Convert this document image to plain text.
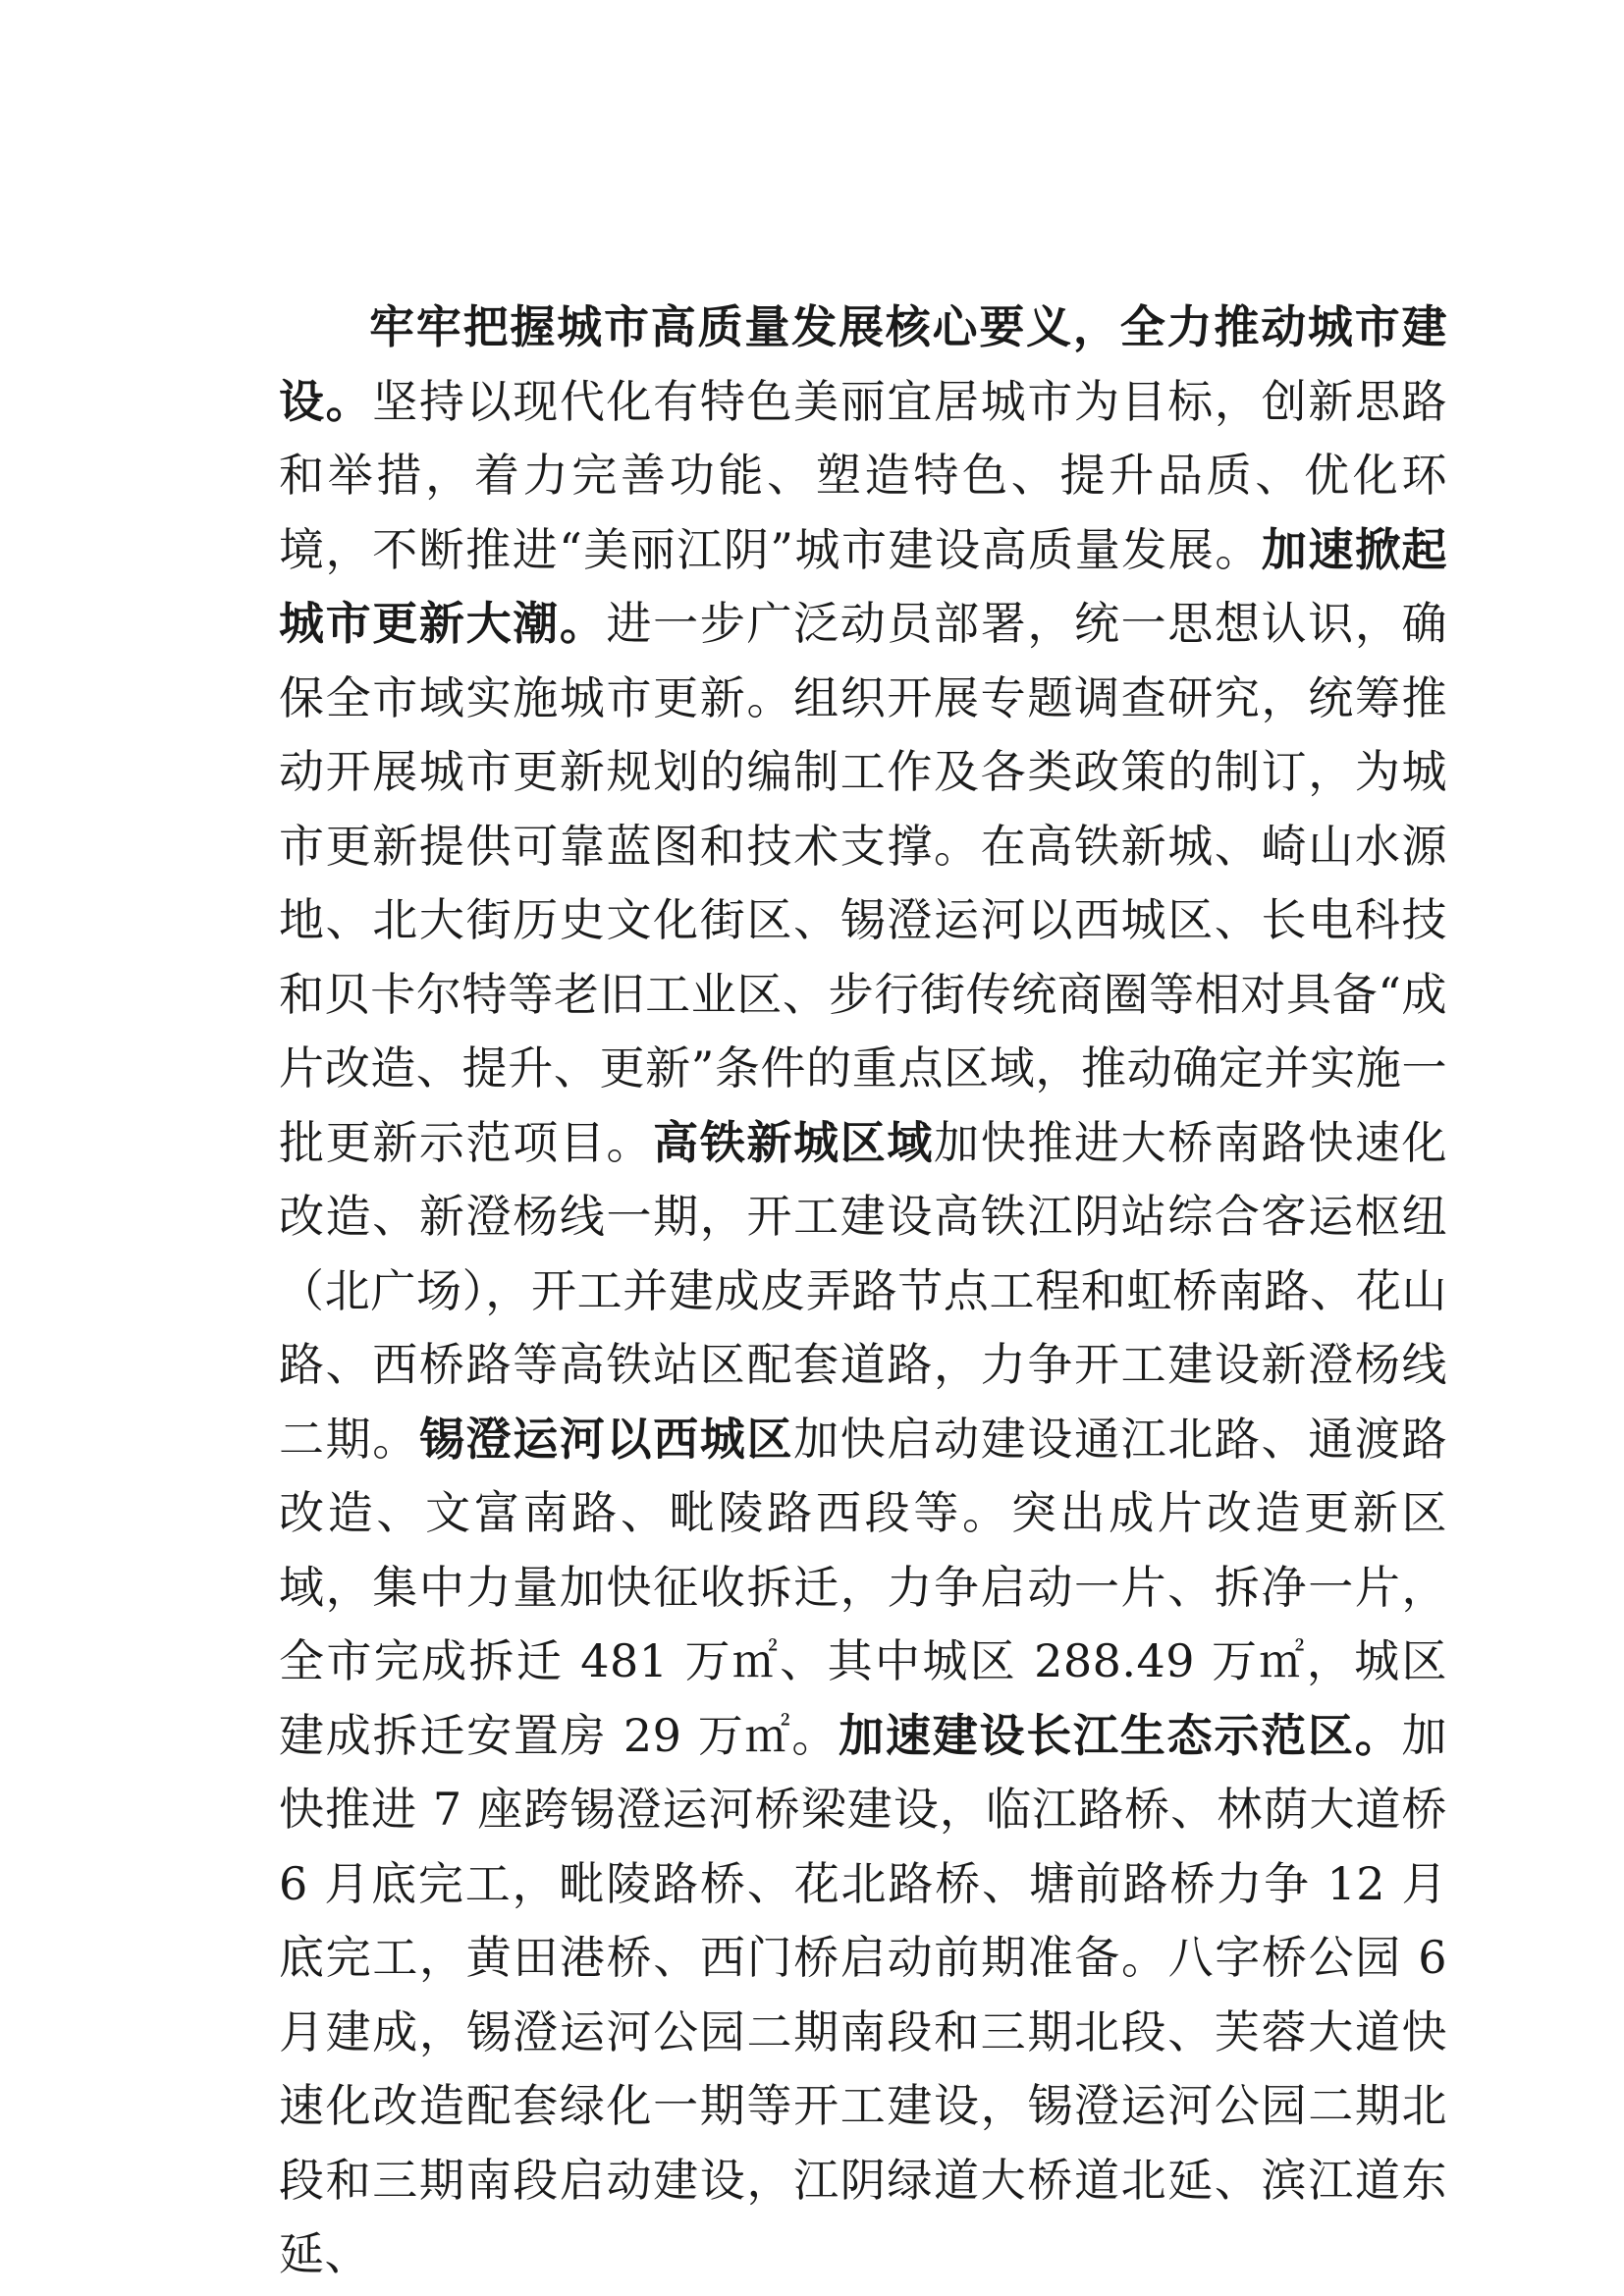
牢牢把握城市高质量发展核心要义，全力推动城市建设。坚持以现代化有特色美丽宜居城市为目标，创新思路和举措，着力完善功能、塑造特色、提升品质、优化环境，不断推进“美丽江阴”城市建设高质量发展。加速掀起城市更新大潮。进一步广泛动员部署，统一思想认识，确保全市域实施城市更新。组织开展专题调查研究，统筹推动开展城市更新规划的编制工作及各类政策的制订，为城市更新提供可靠蓝图和技术支撑。在高铁新城、崎山水源地、北大街历史文化街区、锡澄运河以西城区、长电科技和贝卡尔特等老旧工业区、步行街传统商圈等相对具备“成片改造、提升、更新”条件的重点区域，推动确定并实施一批更新示范项目。高铁新城区域加快推进大桥南路快速化改造、新澄杨线一期，开工建设高铁江阴站综合客运枢纽（北广场），开工并建成皮弄路节点工程和虹桥南路、花山路、西桥路等高铁站区配套道路，力争开工建设新澄杨线二期。锡澄运河以西城区加快启动建设通江北路、通渡路改造、文富南路、毗陵路西段等。突出成片改造更新区域，集中力量加快征收拆迁，力争启动一片、拆净一片，全市完成拆迁 481 万㎡、其中城区 288.49 万㎡，城区建成拆迁安置房 29 万㎡。加速建设长江生态示范区。加快推进 7 座跨锡澄运河桥梁建设，临江路桥、林荫大道桥 6 月底完工，毗陵路桥、花北路桥、塘前路桥力争 12 月底完工，黄田港桥、西门桥启动前期准备。八字桥公园 6 月建成，锡澄运河公园二期南段和三期北段、芙蓉大道快速化改造配套绿化一期等开工建设，锡澄运河公园二期北段和三期南段启动建设，江阴绿道大桥道北延、滨江道东延、
